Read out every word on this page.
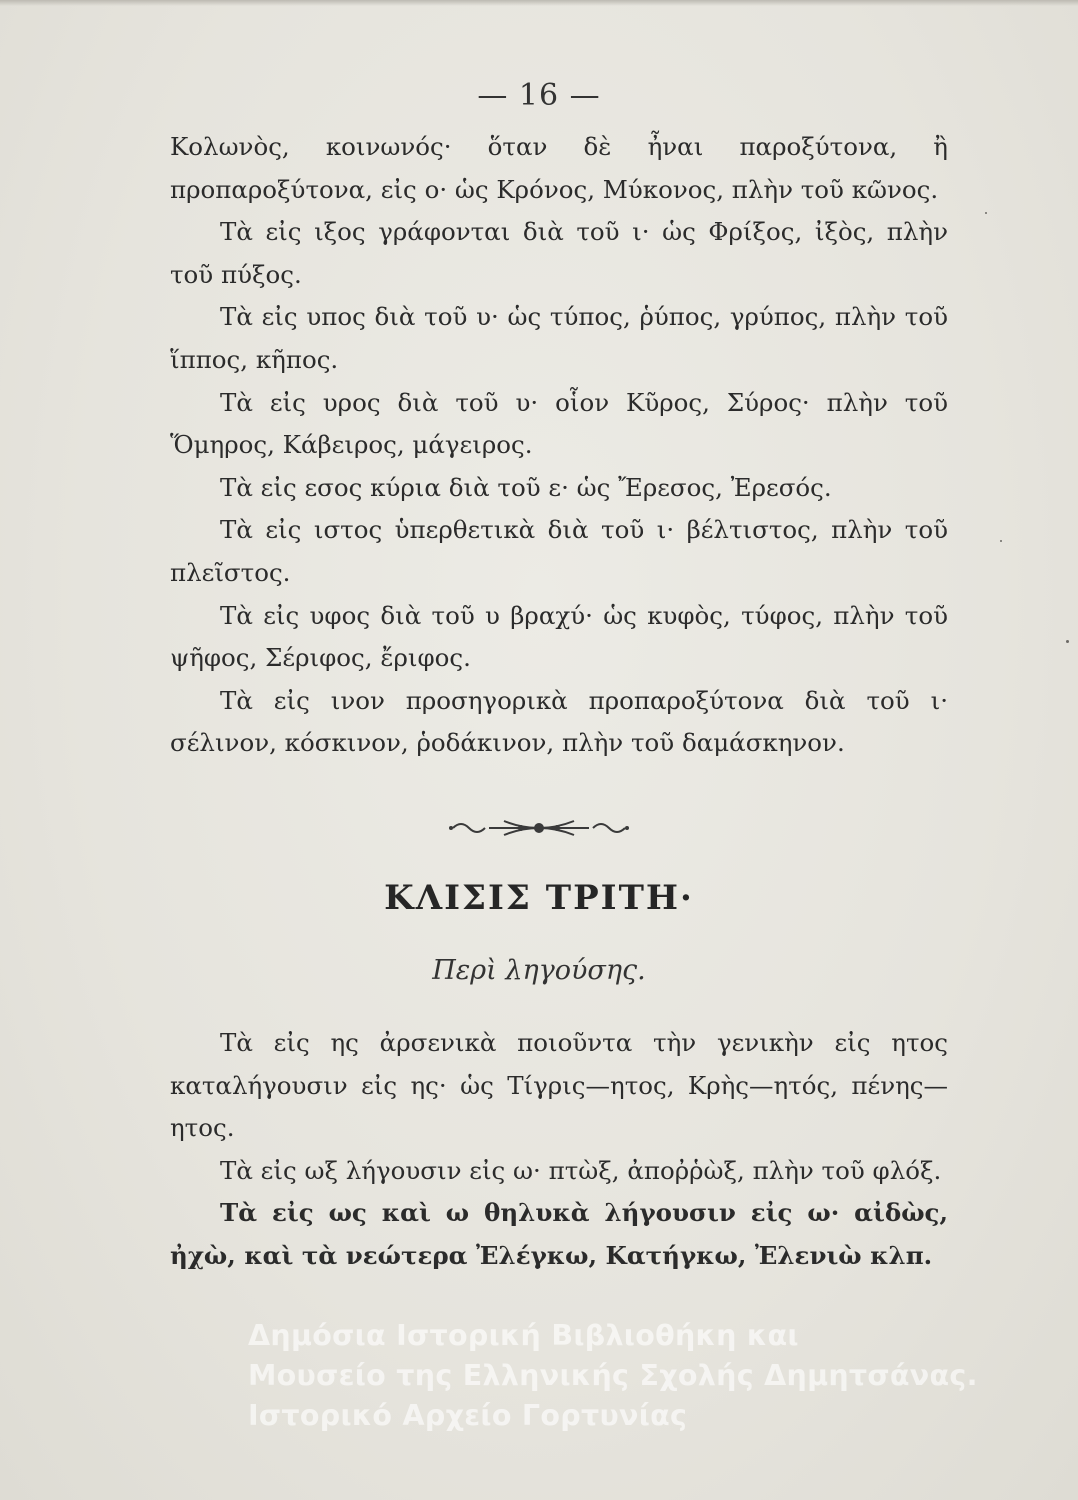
— 16 —

Κολωνὸς, κοινωνός· ὅταν δὲ ἦναι παροξύτονα, ἢ προπαροξύτονα, εἰς ο· ὡς Κρόνος, Μύκονος, πλὴν τοῦ κῶνος.

Τὰ εἰς ιξος γράφονται διὰ τοῦ ι· ὡς Φρίξος, ἰξὸς, πλὴν τοῦ πύξος.

Τὰ εἰς υπος διὰ τοῦ υ· ὡς τύπος, ῥύπος, γρύπος, πλὴν τοῦ ἵππος, κῆπος.

Τὰ εἰς υρος διὰ τοῦ υ· οἷον Κῦρος, Σύρος· πλὴν τοῦ Ὅμηρος, Κάβειρος, μάγειρος.

Τὰ εἰς εσος κύρια διὰ τοῦ ε· ὡς Ἔρεσος, Ἐρεσός.

Τὰ εἰς ιστος ὑπερθετικὰ διὰ τοῦ ι· βέλτιστος, πλὴν τοῦ πλεῖστος.

Τὰ εἰς υφος διὰ τοῦ υ βραχύ· ὡς κυφὸς, τύφος, πλὴν τοῦ ψῆφος, Σέριφος, ἔριφος.

Τὰ εἰς ινον προσηγορικὰ προπαροξύτονα διὰ τοῦ ι· σέλινον, κόσκινον, ῥοδάκινον, πλὴν τοῦ δαμάσκηνον.

ΚΛΙΣΙΣ ΤΡΙΤΗ·
Περὶ ληγούσης.

Τὰ εἰς ης ἀρσενικὰ ποιοῦντα τὴν γενικὴν εἰς ητος καταλήγουσιν εἰς ης· ὡς Τίγρις—ητος, Κρὴς—ητός, πένης—ητος.

Τὰ εἰς ωξ λήγουσιν εἰς ω· πτὼξ, ἀποῤῥὼξ, πλὴν τοῦ φλόξ.

Τὰ εἰς ως καὶ ω θηλυκὰ λήγουσιν εἰς ω· αἰδὼς, ἠχὼ, καὶ τὰ νεώτερα Ἐλέγκω, Κατήγκω, Ἐλενιὼ κλπ.

Δημόσια Ιστορική Βιβλιοθήκη και
Μουσείο της Ελληνικής Σχολής Δημητσάνας.
Ιστορικό Αρχείο Γορτυνίας
